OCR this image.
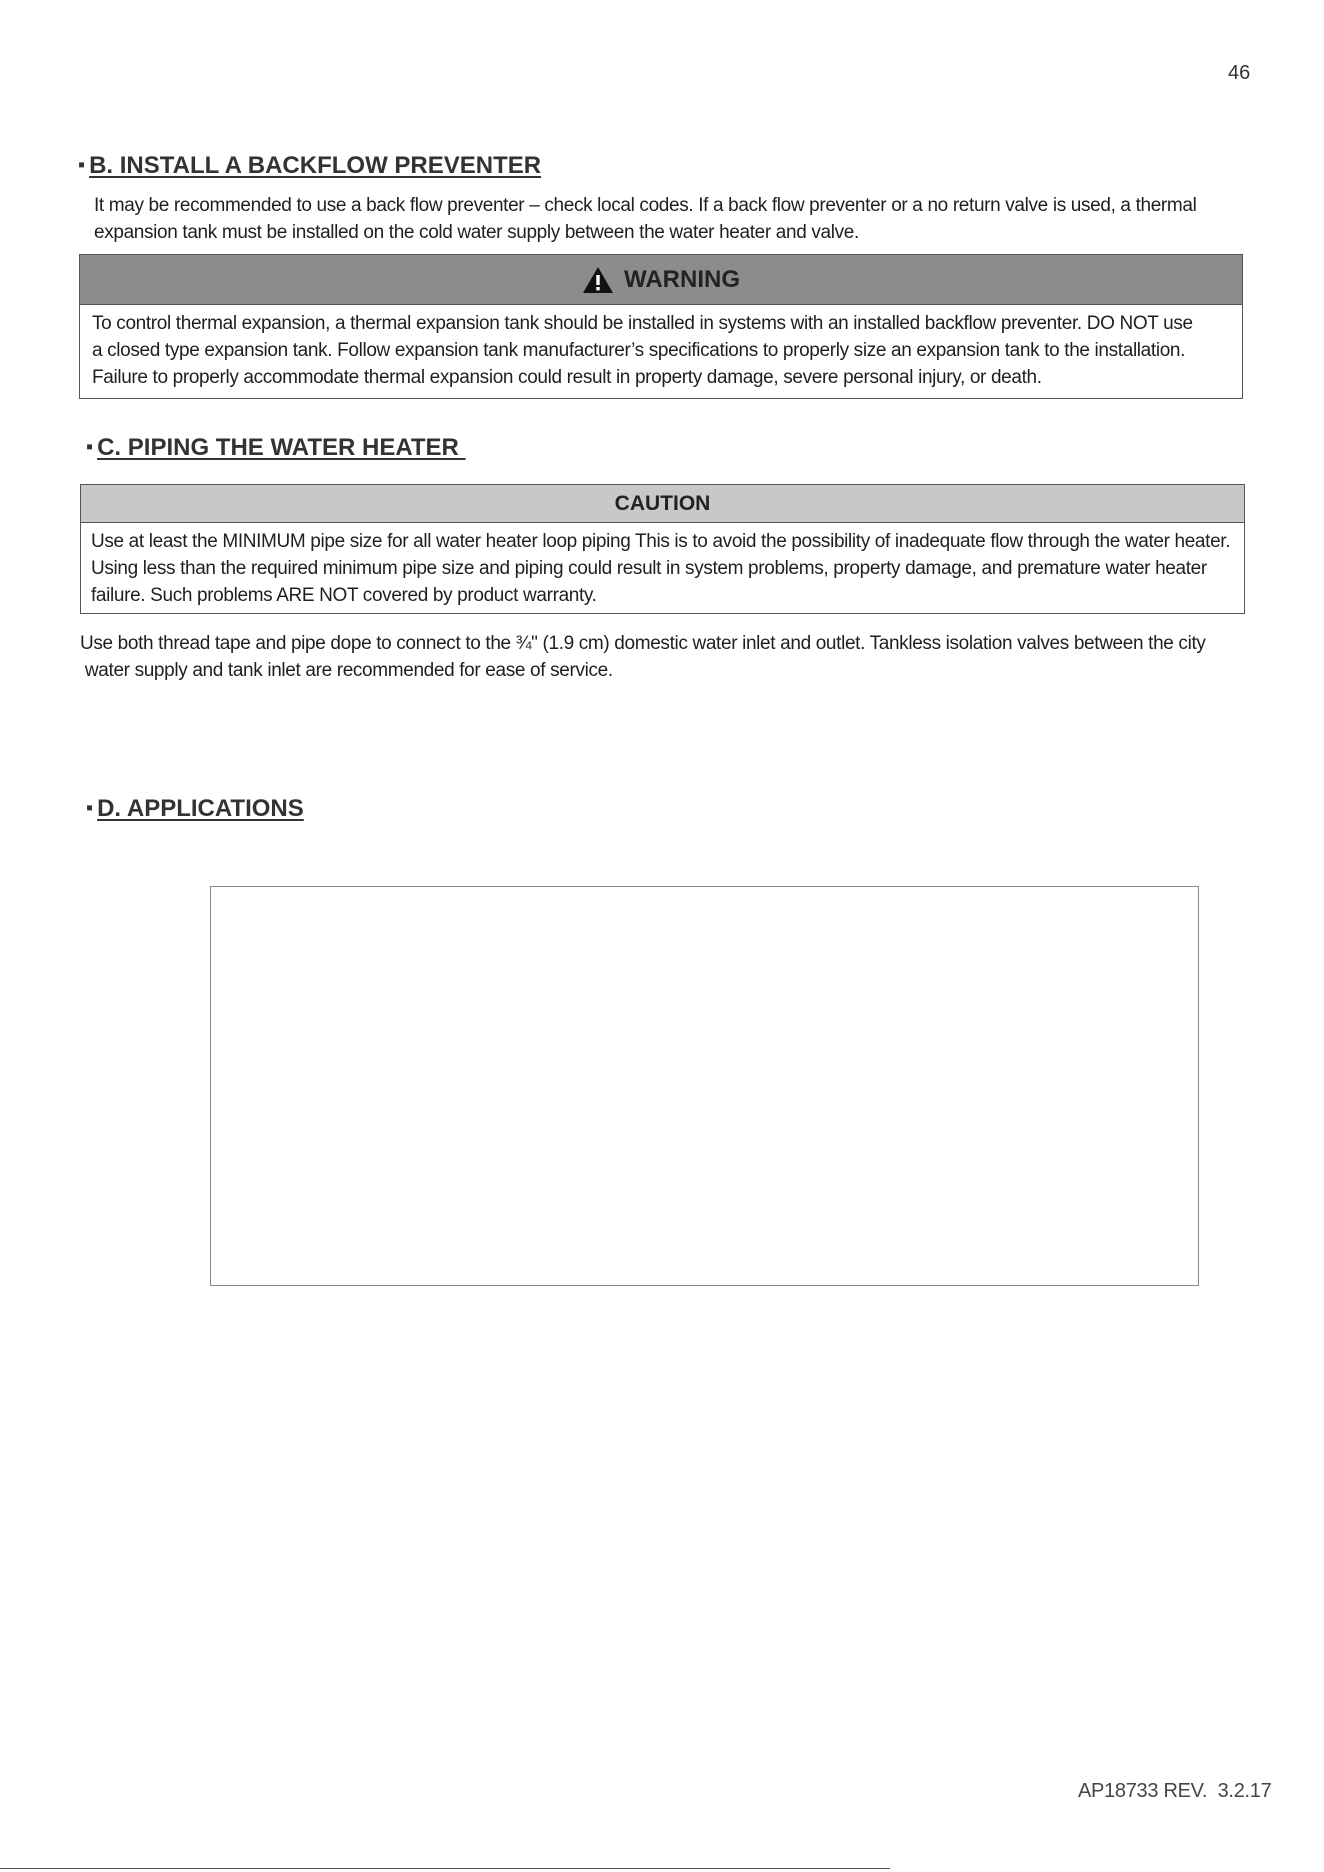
46
▪ B. INSTALL A BACKFLOW PREVENTER
It may be recommended to use a back flow preventer – check local codes. If a back flow preventer or a no return valve is used, a thermal
expansion tank must be installed on the cold water supply between the water heater and valve.
WARNING
To control thermal expansion, a thermal expansion tank should be installed in systems with an installed backflow preventer. DO NOT use
a closed type expansion tank. Follow expansion tank manufacturer’s specifications to properly size an expansion tank to the installation.
Failure to properly accommodate thermal expansion could result in property damage, severe personal injury, or death.
▪ C. PIPING THE WATER HEATER
CAUTION
Use at least the MINIMUM pipe size for all water heater loop piping This is to avoid the possibility of inadequate flow through the water heater.
Using less than the required minimum pipe size and piping could result in system problems, property damage, and premature water heater
failure. Such problems ARE NOT covered by product warranty.
Use both thread tape and pipe dope to connect to the ¾" (1.9 cm) domestic water inlet and outlet. Tankless isolation valves between the city
water supply and tank inlet are recommended for ease of service.
▪ D. APPLICATIONS
AP18733 REV.  3.2.17
